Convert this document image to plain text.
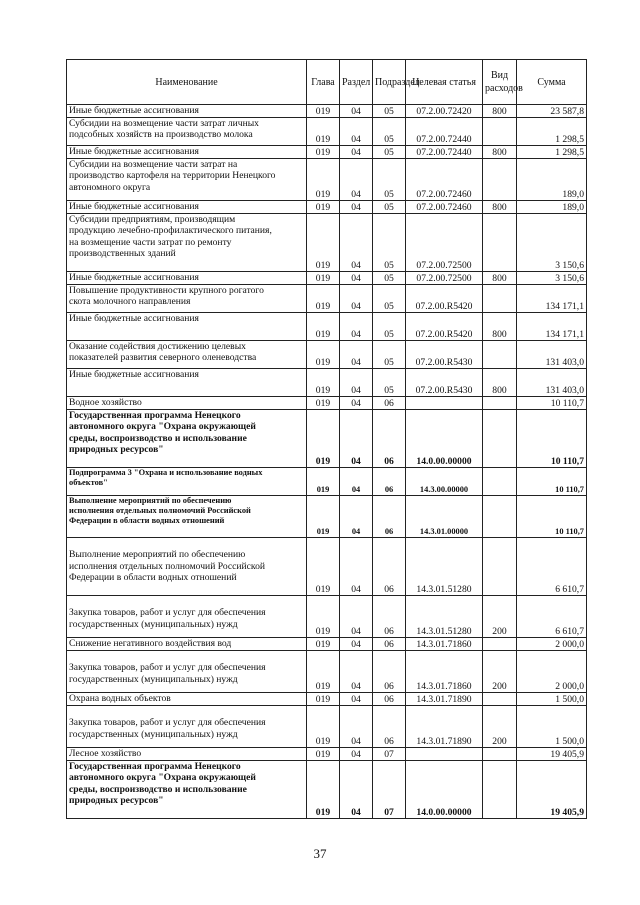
Наименование	Глава	Раздел	Подраздел	Целевая статья	Вид расходов	Сумма
Иные бюджетные ассигнования	019	04	05	07.2.00.72420	800	23 587,8
Субсидии на возмещение части затрат личных
подсобных хозяйств на производство молока	019	04	05	07.2.00.72440		1 298,5
Иные бюджетные ассигнования	019	04	05	07.2.00.72440	800	1 298,5
Субсидии на возмещение части затрат на
производство картофеля на территории Ненецкого
автономного округа	019	04	05	07.2.00.72460		189,0
Иные бюджетные ассигнования	019	04	05	07.2.00.72460	800	189,0
Субсидии предприятиям, производящим
продукцию лечебно-профилактического питания,
на возмещение части затрат по ремонту
производственных зданий	019	04	05	07.2.00.72500		3 150,6
Иные бюджетные ассигнования	019	04	05	07.2.00.72500	800	3 150,6
Повышение продуктивности крупного рогатого
скота молочного направления	019	04	05	07.2.00.R5420		134 171,1
Иные бюджетные ассигнования	019	04	05	07.2.00.R5420	800	134 171,1
Оказание содействия достижению целевых
показателей развития северного оленеводства	019	04	05	07.2.00.R5430		131 403,0
Иные бюджетные ассигнования	019	04	05	07.2.00.R5430	800	131 403,0
Водное хозяйство	019	04	06			10 110,7
Государственная программа Ненецкого
автономного округа "Охрана окружающей
среды, воспроизводство и использование
природных ресурсов"	019	04	06	14.0.00.00000		10 110,7
Подпрограмма 3 "Охрана и использование водных
объектов"	019	04	06	14.3.00.00000		10 110,7
Выполнение мероприятий по обеспечению
исполнения отдельных полномочий Российской
Федерации в области водных отношений	019	04	06	14.3.01.00000		10 110,7

Выполнение мероприятий по обеспечению
исполнения отдельных полномочий Российской
Федерации в области водных отношений	019	04	06	14.3.01.51280		6 610,7

Закупка товаров, работ и услуг для обеспечения
государственных (муниципальных) нужд	019	04	06	14.3.01.51280	200	6 610,7
Снижение негативного воздействия вод	019	04	06	14.3.01.71860		2 000,0

Закупка товаров, работ и услуг для обеспечения
государственных (муниципальных) нужд	019	04	06	14.3.01.71860	200	2 000,0
Охрана водных объектов	019	04	06	14.3.01.71890		1 500,0

Закупка товаров, работ и услуг для обеспечения
государственных (муниципальных) нужд	019	04	06	14.3.01.71890	200	1 500,0
Лесное хозяйство	019	04	07			19 405,9
Государственная программа Ненецкого
автономного округа "Охрана окружающей
среды, воспроизводство и использование
природных ресурсов"	019	04	07	14.0.00.00000		19 405,9
37
